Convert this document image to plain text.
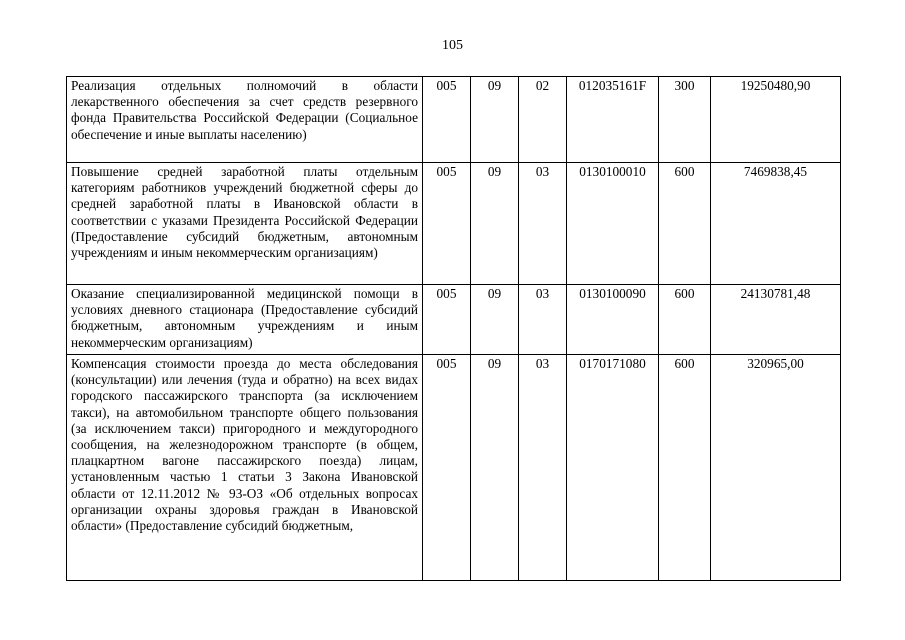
105
Реализация отдельных полномочий в области лекарственного обеспечения за счет средств резервного фонда Правительства Российской Федерации (Социальное обеспечение и иные выплаты населению)	005	09	02	012035161F	300	19250480,90
Повышение средней заработной платы отдельным категориям работников учреждений бюджетной сферы до средней заработной платы в Ивановской области в соответствии с указами Президента Российской Федерации (Предоставление субсидий бюджетным, автономным учреждениям и иным некоммерческим организациям)	005	09	03	0130100010	600	7469838,45
Оказание специализированной медицинской помощи в условиях дневного стационара (Предоставление субсидий бюджетным, автономным учреждениям и иным некоммерческим организациям)	005	09	03	0130100090	600	24130781,48
Компенсация стоимости проезда до места обследования (консультации) или лечения (туда и обратно) на всех видах городского пассажирского транспорта (за исключением такси), на автомобильном транспорте общего пользования (за исключением такси) пригородного и междугородного сообщения, на железнодорожном транспорте (в общем, плацкартном вагоне пассажирского поезда) лицам, установленным частью 1 статьи 3 Закона Ивановской области от 12.11.2012 № 93-ОЗ «Об отдельных вопросах организации охраны здоровья граждан в Ивановской области» (Предоставление субсидий бюджетным,	005	09	03	0170171080	600	320965,00
